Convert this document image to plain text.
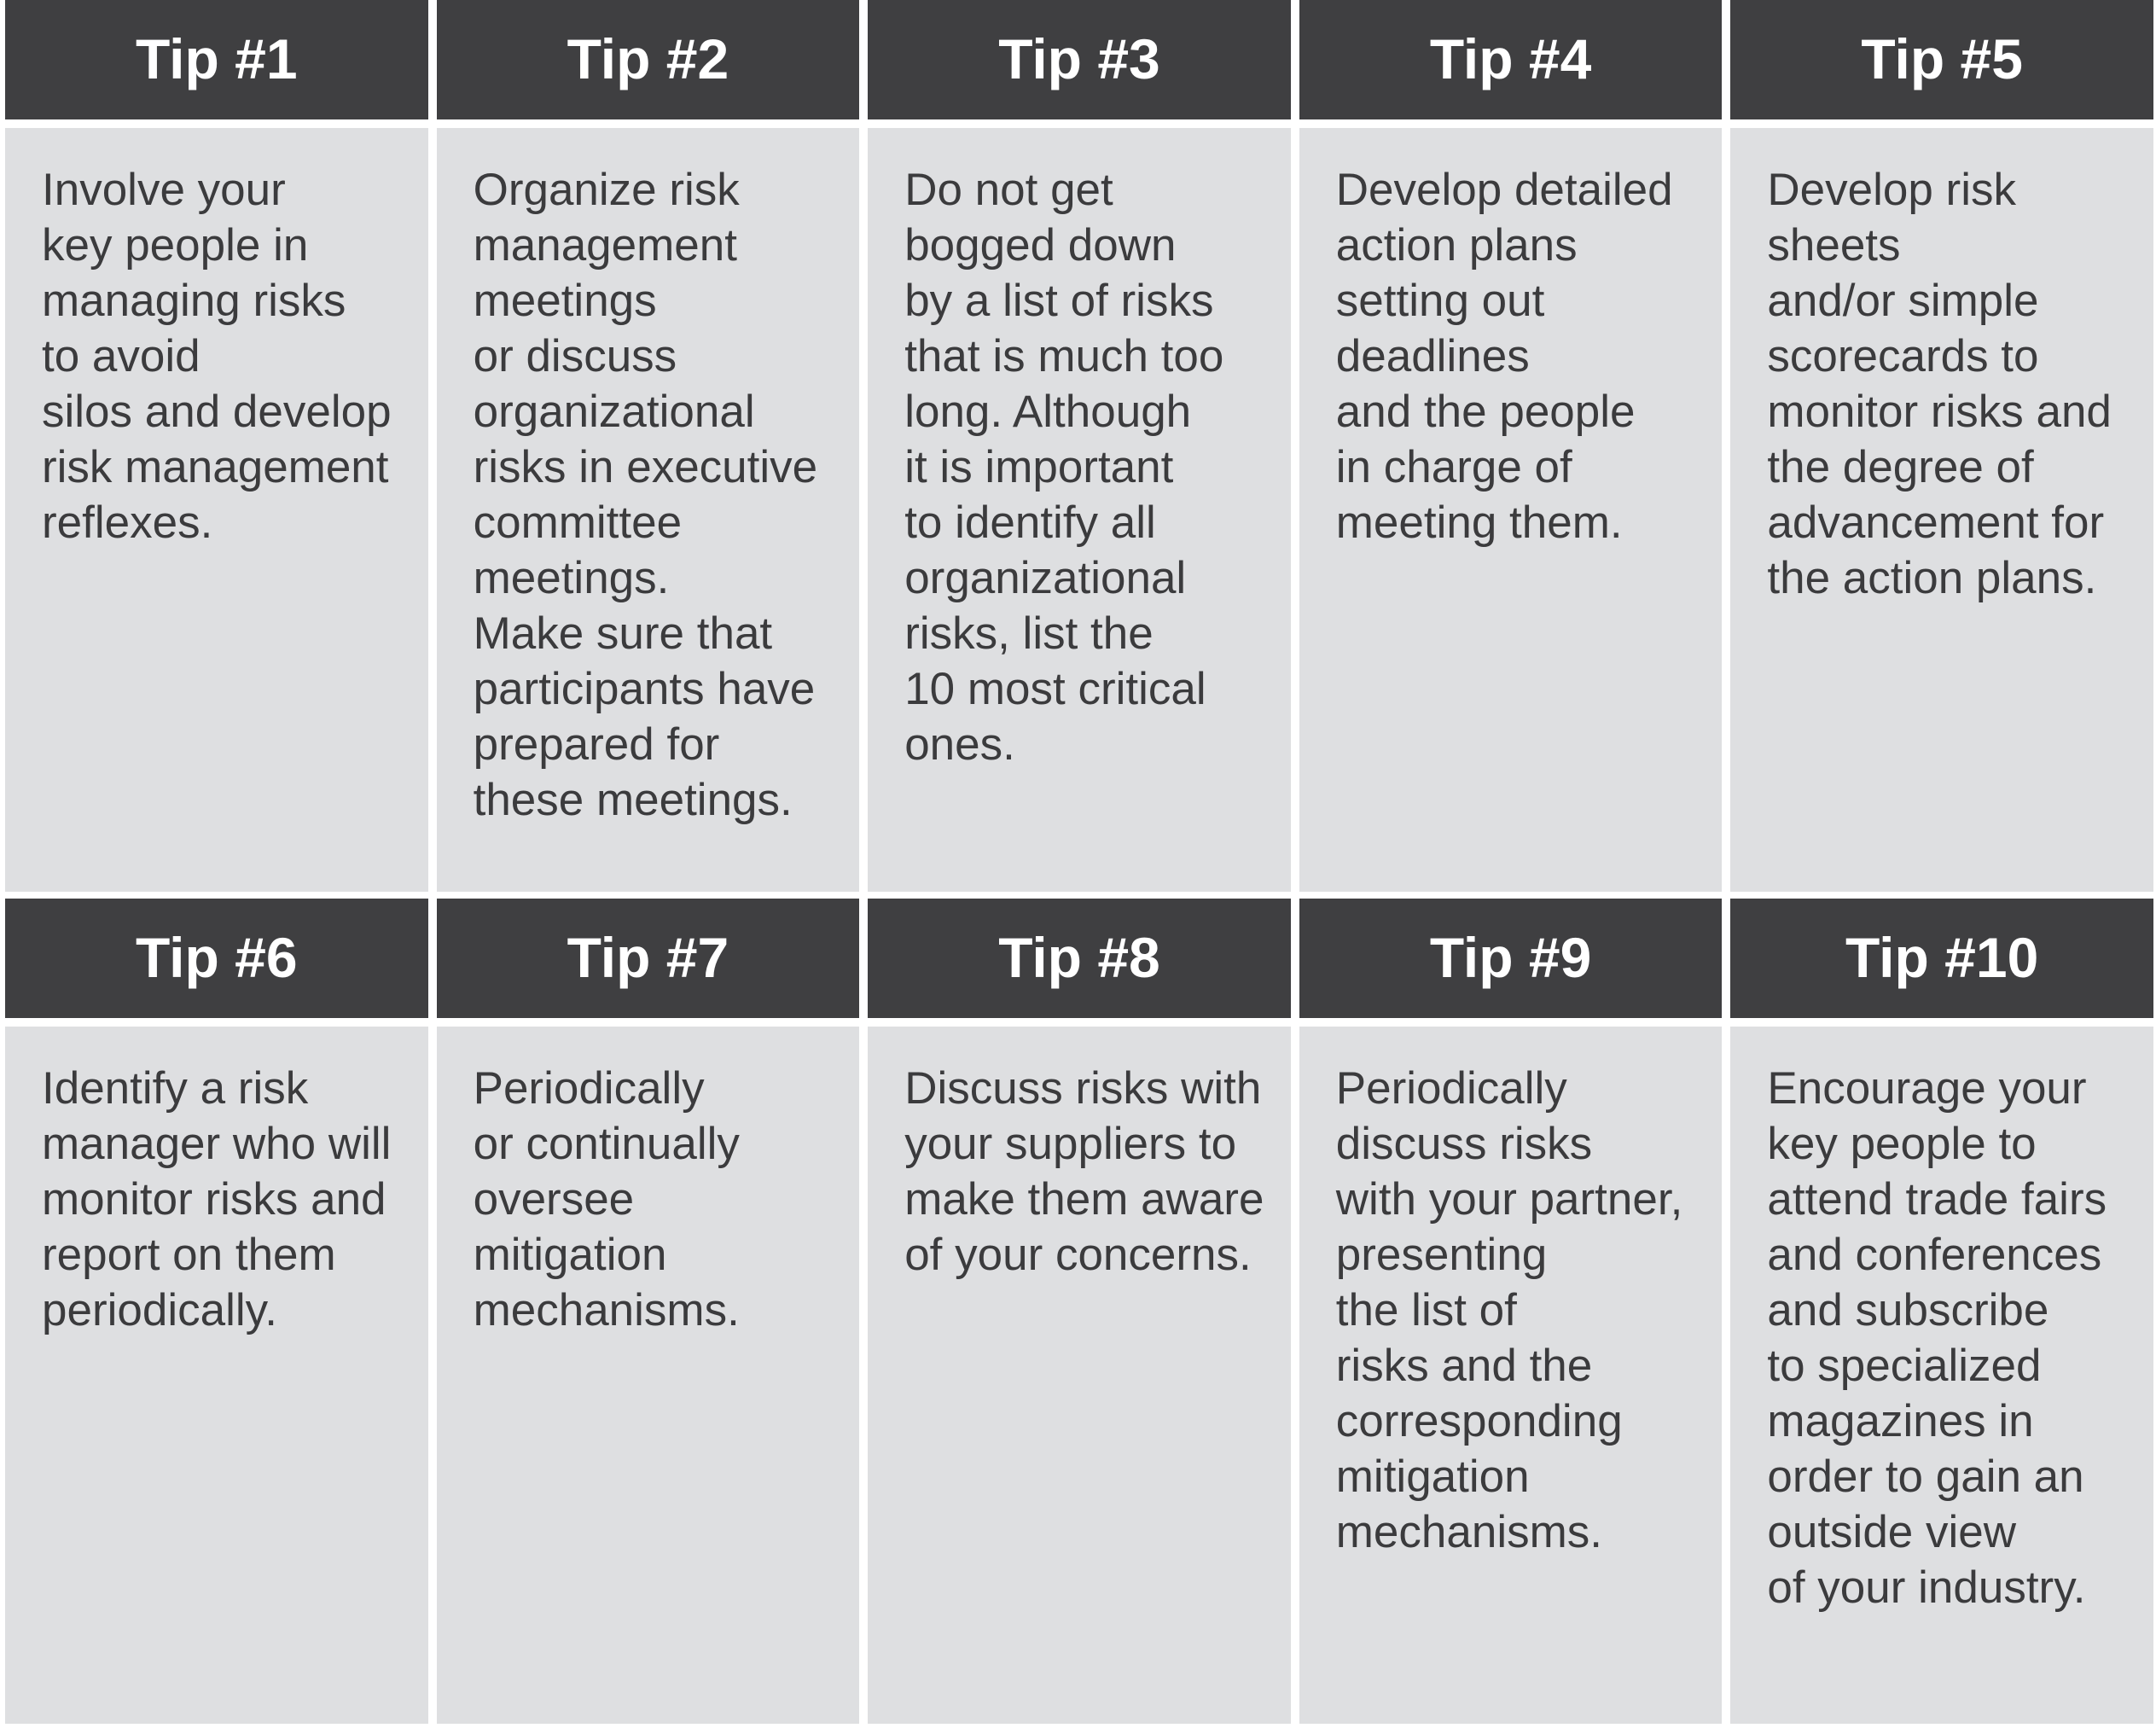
Tip #1
Involve your
key people in
managing risks
to avoid
silos and develop
risk management
reflexes.
Tip #2
Organize risk
management
meetings
or discuss
organizational
risks in executive
committee
meetings.
Make sure that
participants have
prepared for
these meetings.
Tip #3
Do not get
bogged down
by a list of risks
that is much too
long. Although
it is important
to identify all
organizational
risks, list the
10 most critical
ones.
Tip #4
Develop detailed
action plans
setting out
deadlines
and the people
in charge of
meeting them.
Tip #5
Develop risk
sheets
and/or simple
scorecards to
monitor risks and
the degree of
advancement for
the action plans.
Tip #6
Identify a risk
manager who will
monitor risks and
report on them
periodically.
Tip #7
Periodically
or continually
oversee mitigation
mechanisms.
Tip #8
Discuss risks with
your suppliers to
make them aware
of your concerns.
Tip #9
Periodically
discuss risks
with your partner,
presenting
the list of
risks and the
corresponding
mitigation
mechanisms.
Tip #10
Encourage your
key people to
attend trade fairs
and conferences
and subscribe
to specialized
magazines in
order to gain an
outside view
of your industry.
